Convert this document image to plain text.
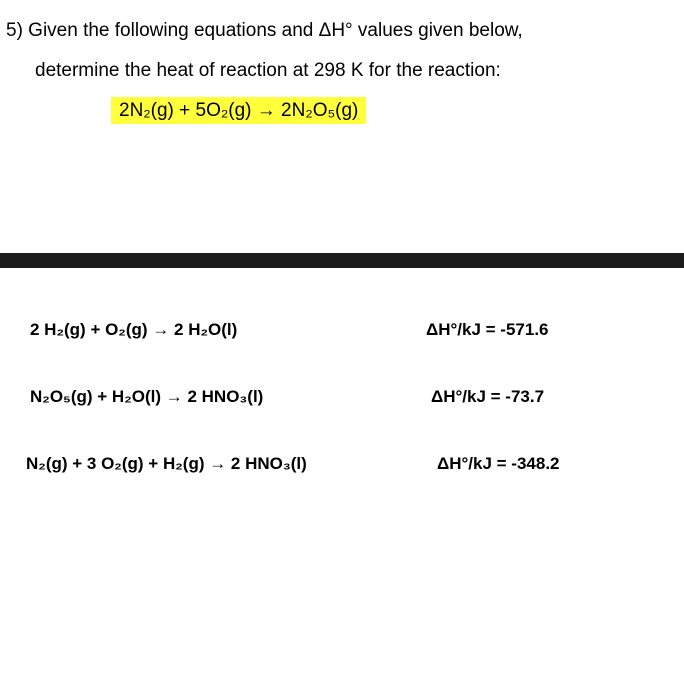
5) Given the following equations and ΔH° values given below,
determine the heat of reaction at 298 K for the reaction:
2N₂(g) + 5O₂(g) → 2N₂O₅(g)
2 H₂(g) + O₂(g) → 2 H₂O(l)	ΔH°/kJ = -571.6
N₂O₅(g) + H₂O(l) → 2 HNO₃(l)	ΔH°/kJ = -73.7
N₂(g) + 3 O₂(g) + H₂(g) → 2 HNO₃(l)	ΔH°/kJ = -348.2
